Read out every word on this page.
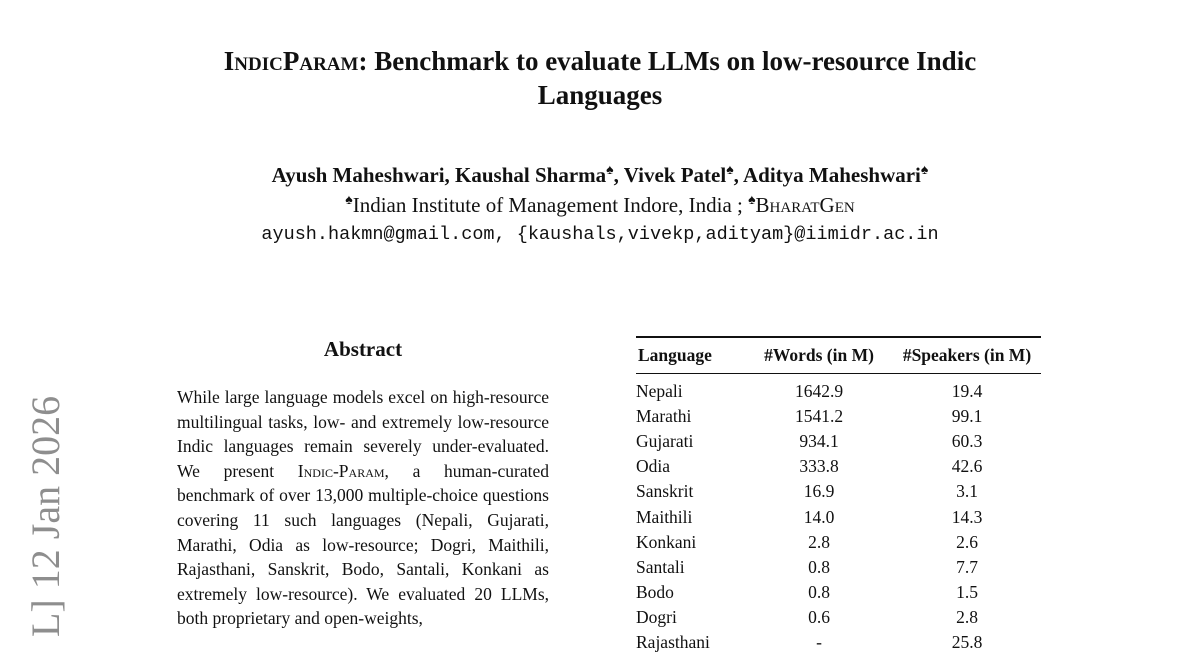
IndicParam: Benchmark to evaluate LLMs on low-resource Indic
Languages
Ayush Maheshwari, Kaushal Sharma♠, Vivek Patel♠, Aditya Maheshwari♠
♠Indian Institute of Management Indore, India ; ♠BharatGen
ayush.hakmn@gmail.com, {kaushals,vivekp,adityam}@iimidr.ac.in
L] 12 Jan 2026
Abstract
While large language models excel on high-resource multilingual tasks, low- and extremely low-resource Indic languages remain severely under-evaluated. We present Indic-Param, a human-curated benchmark of over 13,000 multiple-choice questions covering 11 such languages (Nepali, Gujarati, Marathi, Odia as low-resource; Dogri, Maithili, Rajasthani, Sanskrit, Bodo, Santali, Konkani as extremely low-resource). We evaluated 20 LLMs, both proprietary and open-weights,
Language	#Words (in M)	#Speakers (in M)
Nepali	1642.9	19.4
Marathi	1541.2	99.1
Gujarati	934.1	60.3
Odia	333.8	42.6
Sanskrit	16.9	3.1
Maithili	14.0	14.3
Konkani	2.8	2.6
Santali	0.8	7.7
Bodo	0.8	1.5
Dogri	0.6	2.8
Rajasthani	-	25.8
